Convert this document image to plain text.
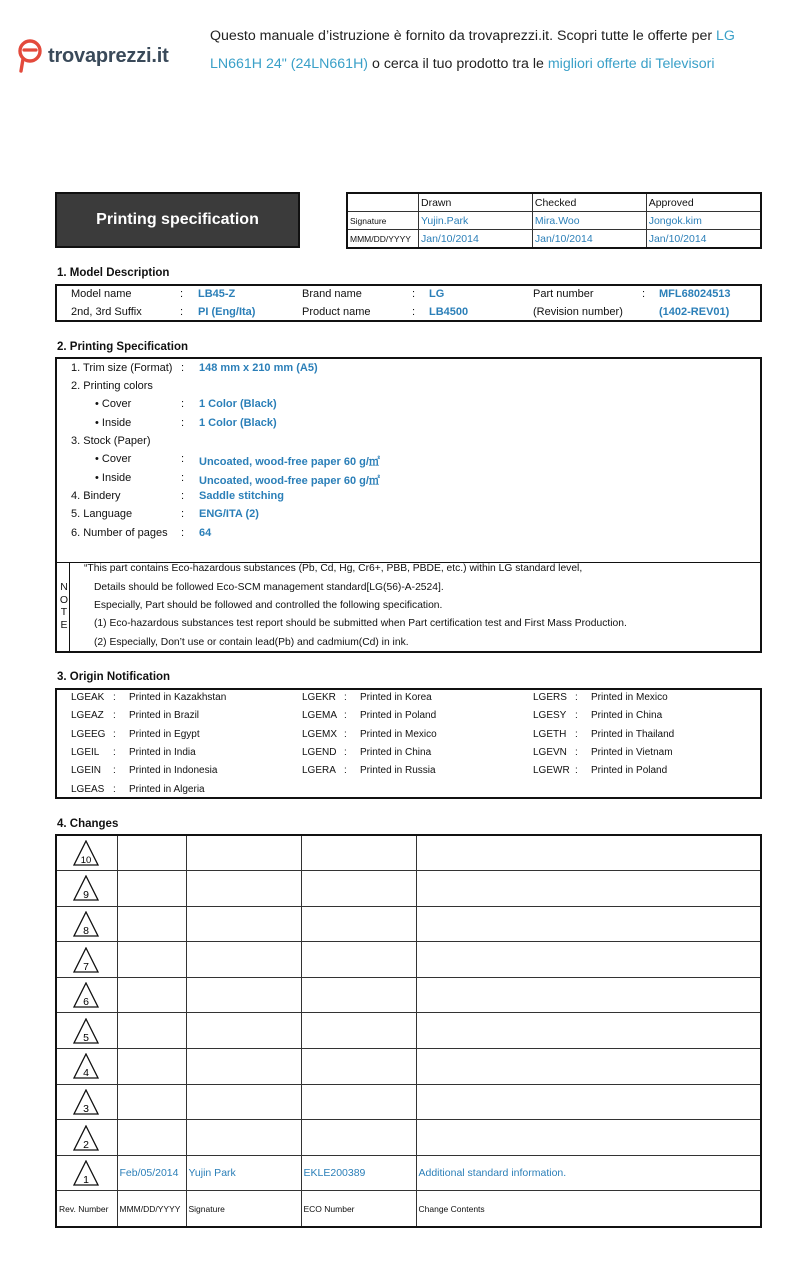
trovaprezzi.it
Questo manuale d’istruzione è fornito da trovaprezzi.it. Scopri tutte le offerte per LG LN661H 24" (24LN661H) o cerca il tuo prodotto tra le migliori offerte di Televisori
Printing specification
	Drawn	Checked	Approved
Signature	Yujin.Park	Mira.Woo	Jongok.kim
MMM/DD/YYYY	Jan/10/2014	Jan/10/2014	Jan/10/2014
1. Model Description
Model name	: LB45-Z	Brand name	: LG	Part number	: MFL68024513
2nd, 3rd Suffix	: PI (Eng/Ita)	Product name	: LB4500	(Revision number)	(1402-REV01)
2. Printing Specification
1. Trim size (Format) : 148 mm x 210 mm (A5)
2. Printing colors
• Cover	: 1 Color (Black)
• Inside	: 1 Color (Black)
3. Stock (Paper)
• Cover	: Uncoated, wood-free paper 60 g/㎡
• Inside	: Uncoated, wood-free paper 60 g/㎡
4. Bindery	: Saddle stitching
5. Language	: ENG/ITA (2)
6. Number of pages : 64
N
O
T
E
“This part contains Eco-hazardous substances (Pb, Cd, Hg, Cr6+, PBB, PBDE, etc.) within LG standard level,
Details should be followed Eco-SCM management standard[LG(56)-A-2524].
Especially, Part should be followed and controlled the following specification.
(1) Eco-hazardous substances test report should be submitted when Part certification test and First Mass Production.
(2) Especially, Don’t use or contain lead(Pb) and cadmium(Cd) in ink.
3. Origin Notification
LGEAK : Printed in Kazakhstan	LGEKR : Printed in Korea	LGERS : Printed in Mexico
LGEAZ : Printed in Brazil	LGEMA : Printed in Poland	LGESY : Printed in China
LGEEG : Printed in Egypt	LGEMX : Printed in Mexico	LGETH : Printed in Thailand
LGEIL : Printed in India	LGEND : Printed in China	LGEVN : Printed in Vietnam
LGEIN : Printed in Indonesia	LGERA : Printed in Russia	LGEWR : Printed in Poland
LGEAS : Printed in Algeria
4. Changes
10				

9				

8				

7				

6				

5				

4				

3				

2				

1	Feb/05/2014	Yujin Park	EKLE200389	Additional standard information.
Rev. Number	MMM/DD/YYYY	Signature	ECO Number	Change Contents
